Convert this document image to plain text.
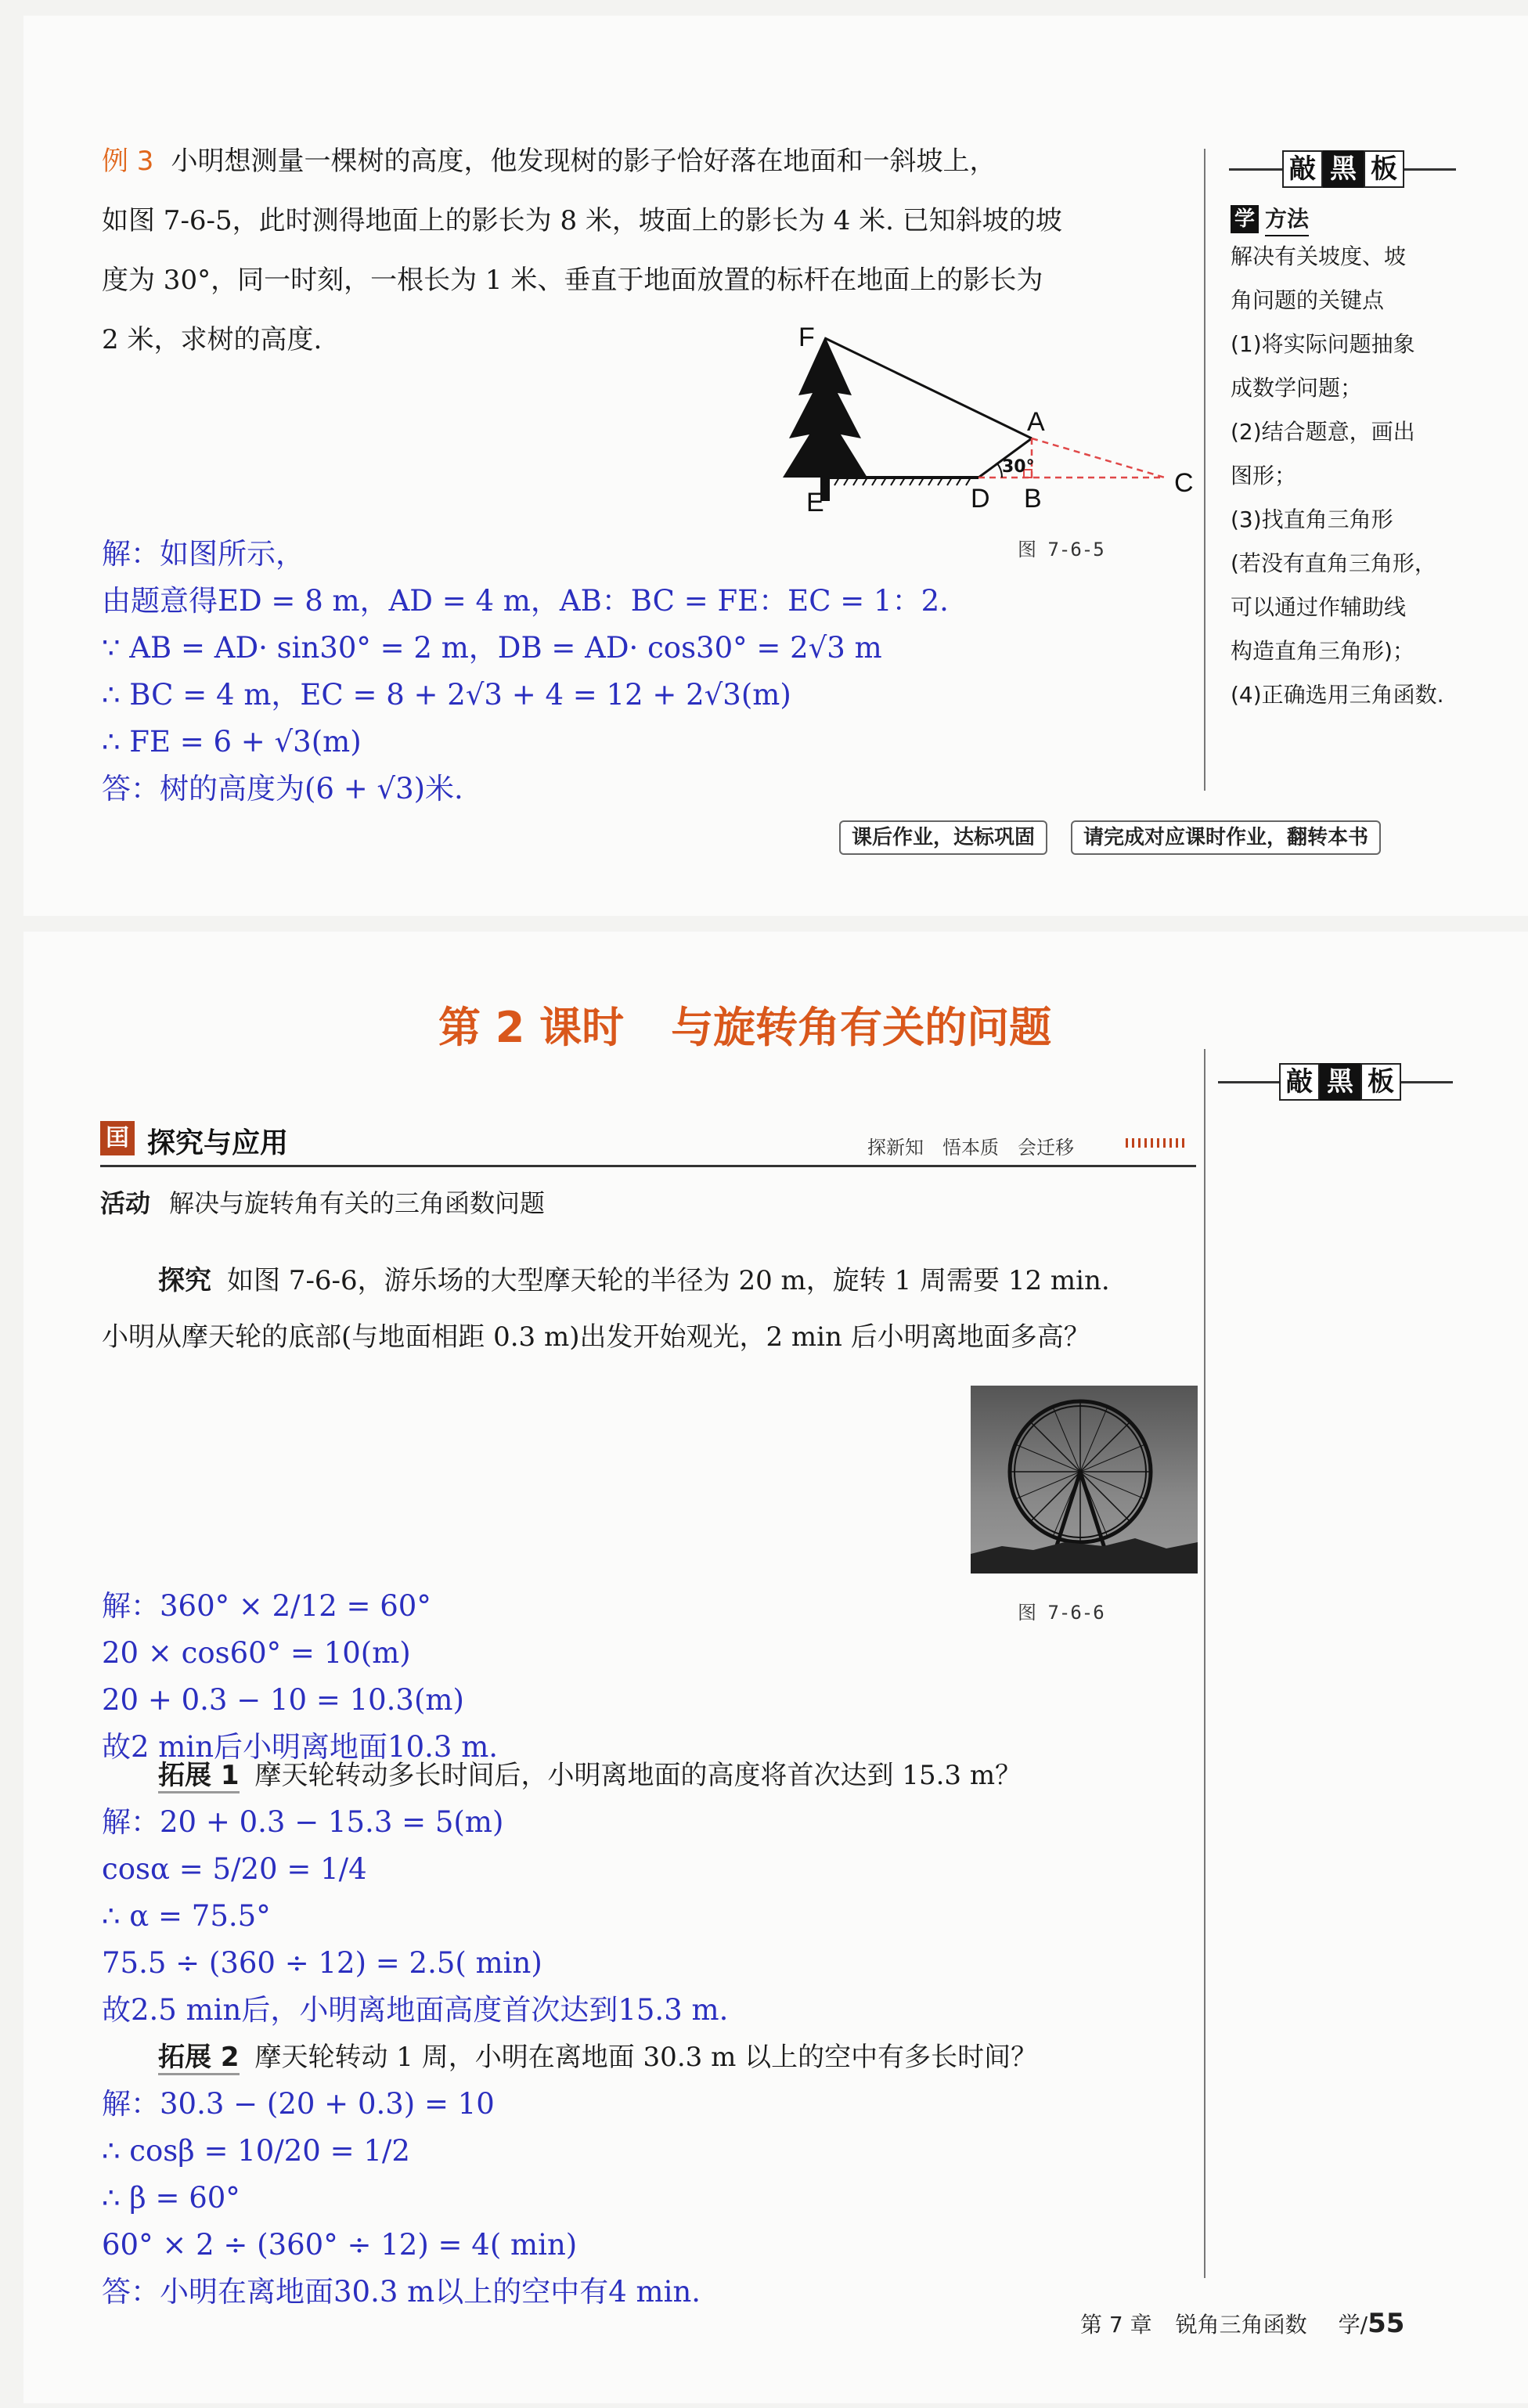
例 3 小明想测量一棵树的高度，他发现树的影子恰好落在地面和一斜坡上，
如图 7-6-5，此时测得地面上的影长为 8 米，坡面上的影长为 4 米. 已知斜坡的坡
度为 30°，同一时刻，一根长为 1 米、垂直于地面放置的标杆在地面上的影长为
2 米，求树的高度.
30°
F
A
E	D B
C
图 7-6-5
解：如图所示，
由题意得ED = 8 m，AD = 4 m，AB：BC = FE：EC = 1：2.
∵ AB = AD· sin30° = 2 m，DB = AD· cos30° = 2√3 m
∴ BC = 4 m，EC = 8 + 2√3 + 4 = 12 + 2√3(m)
∴ FE = 6 + √3(m)
答：树的高度为(6 + √3)米.
敲 黑 板
学 方法
解决有关坡度、坡
角问题的关键点
(1)将实际问题抽象
成数学问题；
(2)结合题意，画出
图形；
(3)找直角三角形
(若没有直角三角形，
可以通过作辅助线
构造直角三角形)；
(4)正确选用三角函数.
课后作业，达标巩固	请完成对应课时作业，翻转本书
第 2 课时 与旋转角有关的问题
敲 黑 板
囯 探究与应用	探新知　悟本质　会迁移
活动 解决与旋转角有关的三角函数问题
探究 如图 7-6-6，游乐场的大型摩天轮的半径为 20 m，旋转 1 周需要 12 min.
小明从摩天轮的底部(与地面相距 0.3 m)出发开始观光，2 min 后小明离地面多高？
图 7-6-6
解：360° × 2/12 = 60°
20 × cos60° = 10(m)
20 + 0.3 − 10 = 10.3(m)
故2 min后小明离地面10.3 m.
拓展 1 摩天轮转动多长时间后，小明离地面的高度将首次达到 15.3 m？
解：20 + 0.3 − 15.3 = 5(m)
cosα = 5/20 = 1/4
∴ α = 75.5°
75.5 ÷ (360 ÷ 12) = 2.5( min)
故2.5 min后，小明离地面高度首次达到15.3 m.
拓展 2 摩天轮转动 1 周，小明在离地面 30.3 m 以上的空中有多长时间？
解：30.3 − (20 + 0.3) = 10
∴ cosβ = 10/20 = 1/2
∴ β = 60°
60° × 2 ÷ (360° ÷ 12) = 4( min)
答：小明在离地面30.3 m以上的空中有4 min.
第 7 章 锐角三角函数 学/55
